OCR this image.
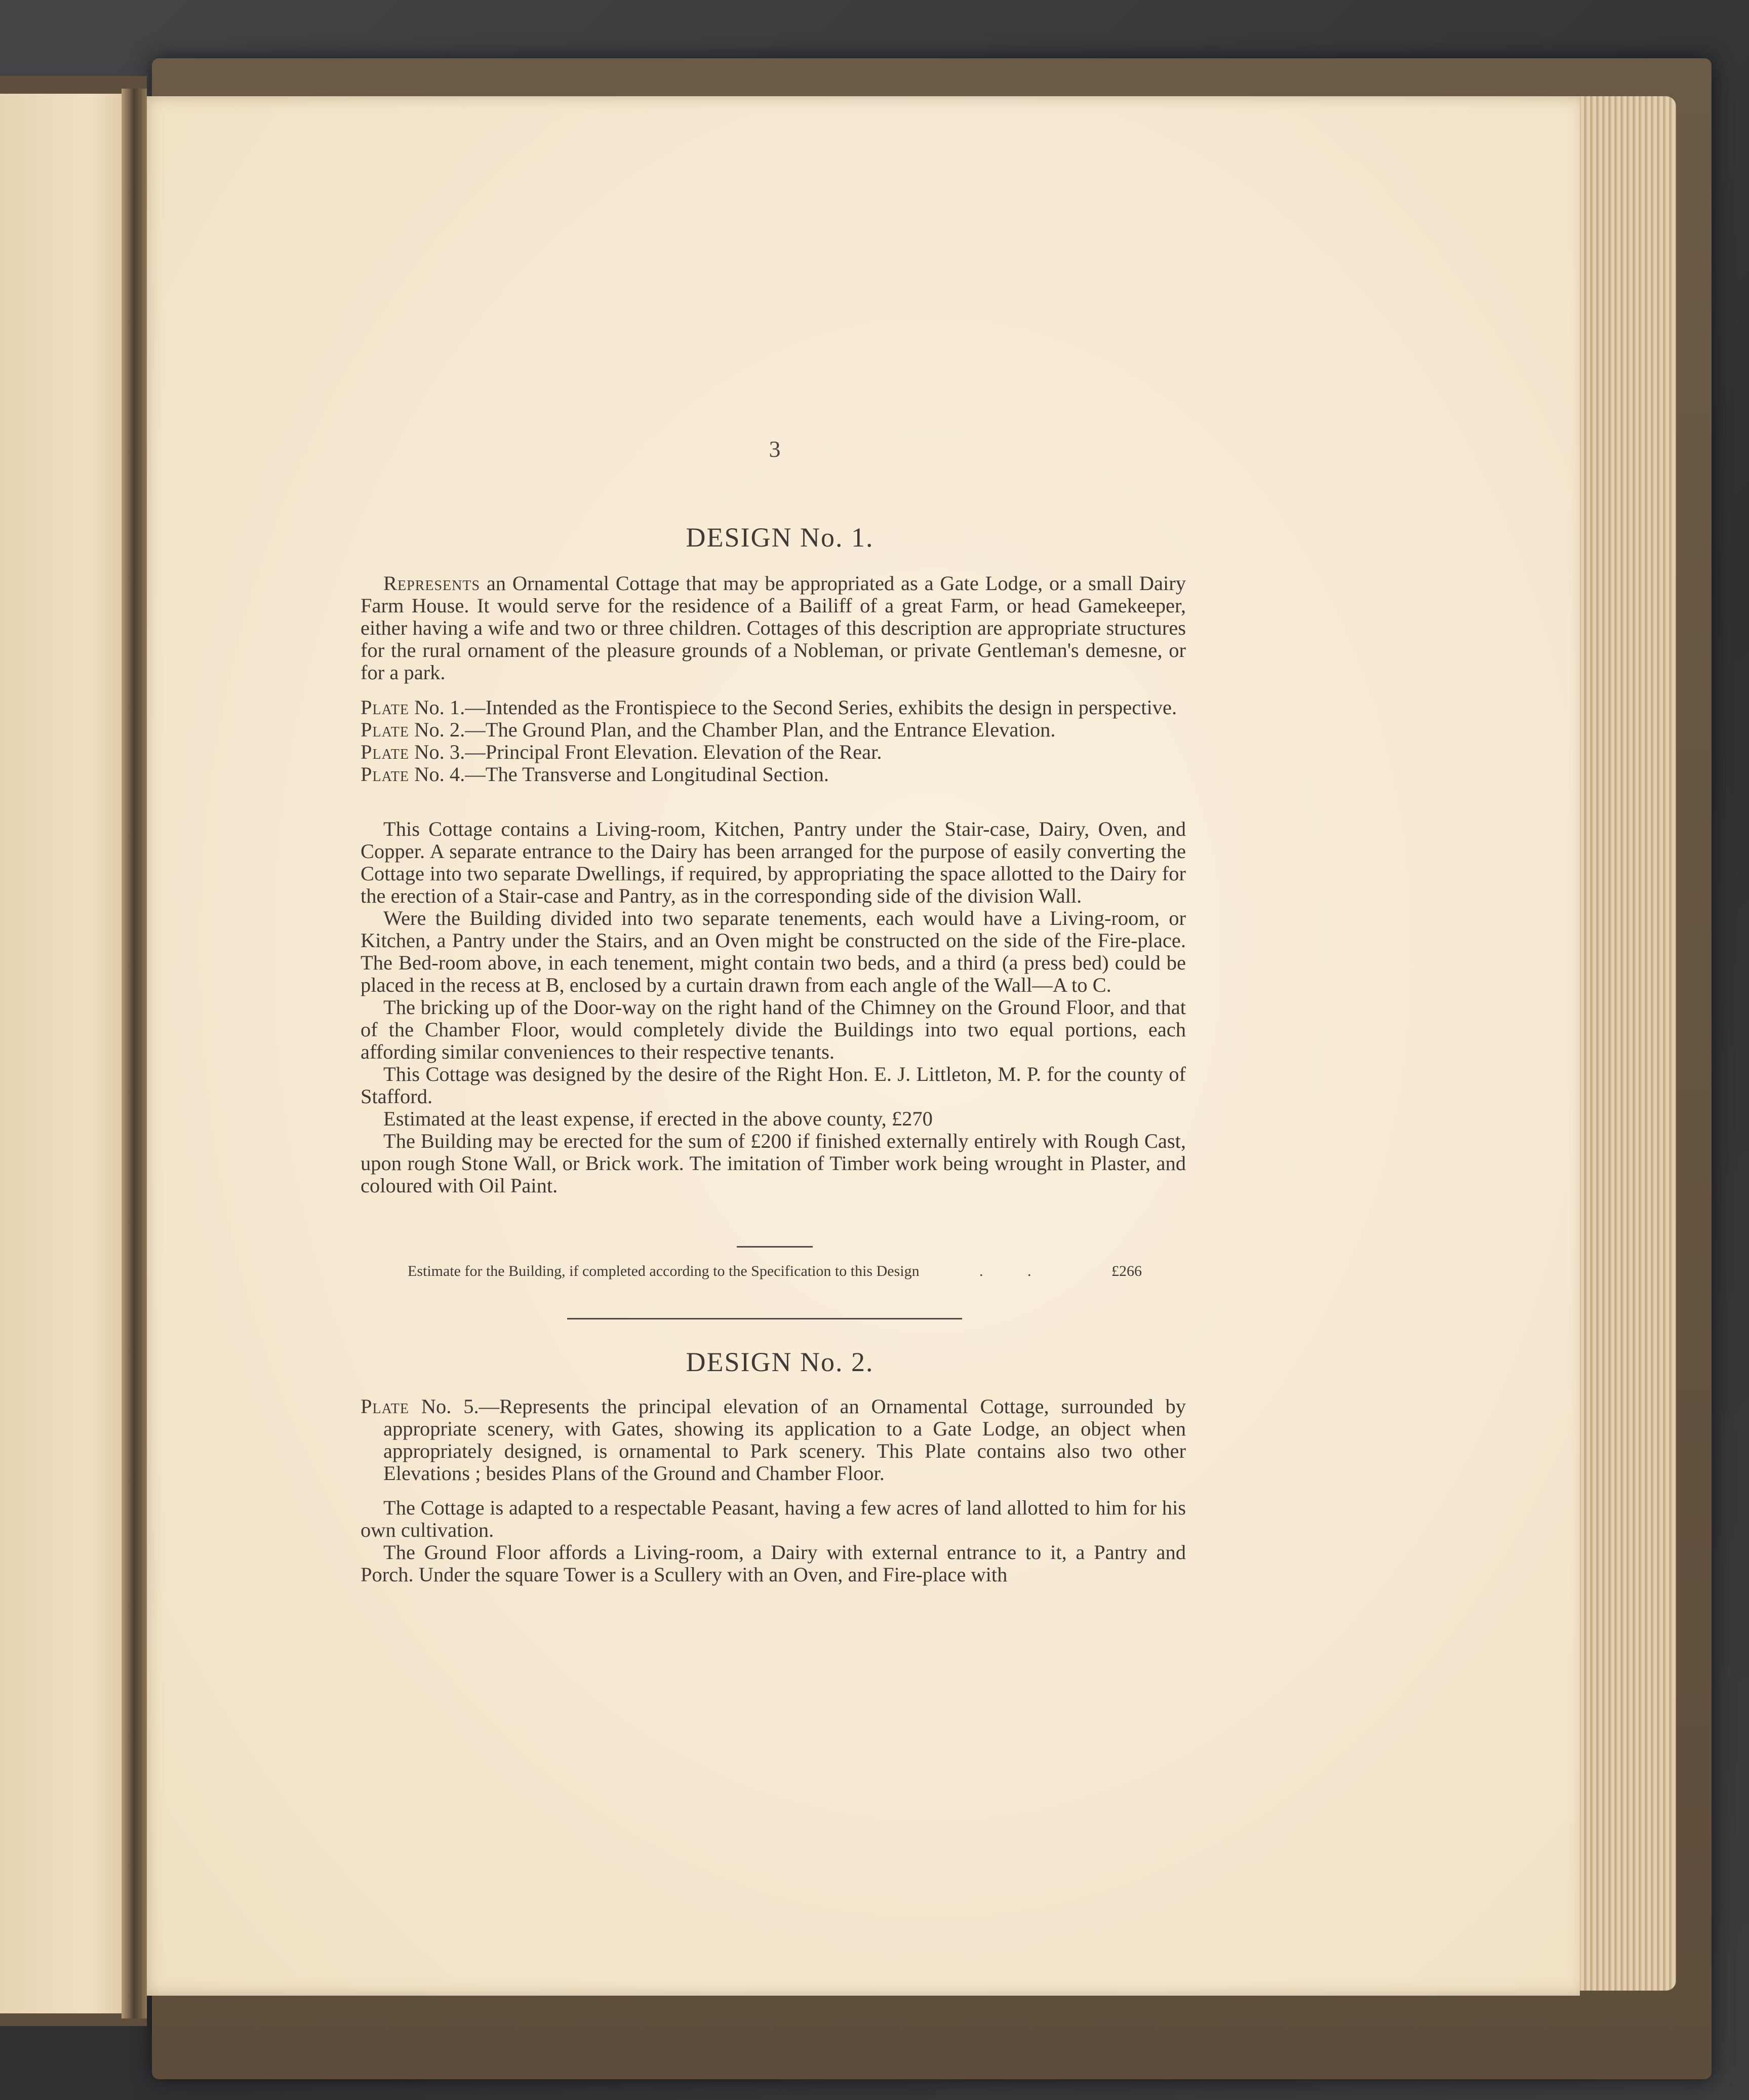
3
DESIGN No. 1.

Represents an Ornamental Cottage that may be appropriated as a Gate Lodge, or a small Dairy Farm House. It would serve for the residence of a Bailiff of a great Farm, or head Gamekeeper, either having a wife and two or three children. Cottages of this description are appropriate structures for the rural ornament of the pleasure grounds of a Nobleman, or private Gentleman's demesne, or for a park.

Plate No. 1.—Intended as the Frontispiece to the Second Series, exhibits the design in perspective.

Plate No. 2.—The Ground Plan, and the Chamber Plan, and the Entrance Elevation.

Plate No. 3.—Principal Front Elevation. Elevation of the Rear.

Plate No. 4.—The Transverse and Longitudinal Section.

This Cottage contains a Living-room, Kitchen, Pantry under the Stair-case, Dairy, Oven, and Copper. A separate entrance to the Dairy has been arranged for the purpose of easily converting the Cottage into two separate Dwellings, if required, by appropriating the space allotted to the Dairy for the erection of a Stair-case and Pantry, as in the corresponding side of the division Wall.

Were the Building divided into two separate tenements, each would have a Living-room, or Kitchen, a Pantry under the Stairs, and an Oven might be constructed on the side of the Fire-place. The Bed-room above, in each tenement, might contain two beds, and a third (a press bed) could be placed in the recess at B, enclosed by a curtain drawn from each angle of the Wall—A to C.

The bricking up of the Door-way on the right hand of the Chimney on the Ground Floor, and that of the Chamber Floor, would completely divide the Buildings into two equal portions, each affording similar conveniences to their respective tenants.

This Cottage was designed by the desire of the Right Hon. E. J. Littleton, M. P. for the county of Stafford.

Estimated at the least expense, if erected in the above county, £270

The Building may be erected for the sum of £200 if finished externally entirely with Rough Cast, upon rough Stone Wall, or Brick work. The imitation of Timber work being wrought in Plaster, and coloured with Oil Paint.

Estimate for the Building, if completed according to the Specification to this Design	. .	£266
DESIGN No. 2.

Plate No. 5.—Represents the principal elevation of an Ornamental Cottage, surrounded by appropriate scenery, with Gates, showing its application to a Gate Lodge, an object when appropriately designed, is ornamental to Park scenery. This Plate contains also two other Elevations ; besides Plans of the Ground and Chamber Floor.

The Cottage is adapted to a respectable Peasant, having a few acres of land allotted to him for his own cultivation.

The Ground Floor affords a Living-room, a Dairy with external entrance to it, a Pantry and Porch. Under the square Tower is a Scullery with an Oven, and Fire-place with
